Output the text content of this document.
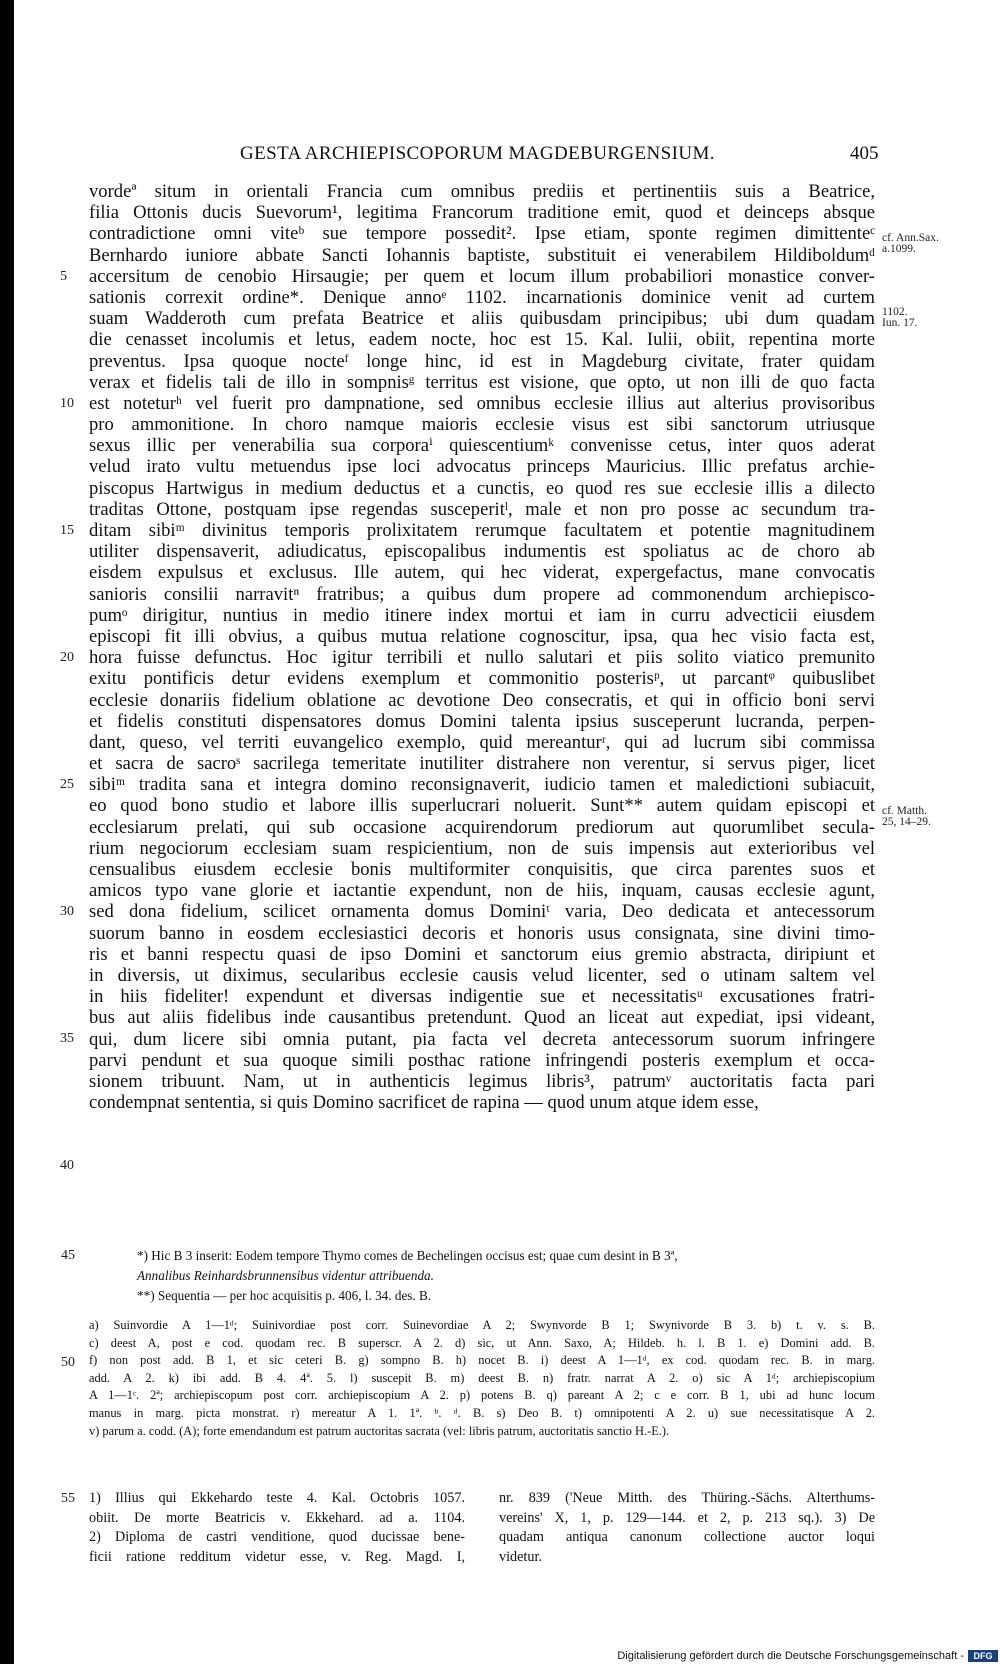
GESTA ARCHIEPISCOPORUM MAGDEBURGENSIUM.	405
vordeª situm in orientali Francia cum omnibus prediis et pertinentiis suis a Beatrice,
filia Ottonis ducis Suevorum¹, legitima Francorum traditione emit, quod et deinceps absque
contradictione omni viteᵇ sue tempore possedit². Ipse etiam, sponte regimen dimittenteᶜ
Bernhardo iuniore abbate Sancti Iohannis baptiste, substituit ei venerabilem Hildiboldumᵈ
accersitum de cenobio Hirsaugie; per quem et locum illum probabiliori monastice conver-
sationis correxit ordine*. Denique annoᵉ 1102. incarnationis dominice venit ad curtem
suam Wadderoth cum prefata Beatrice et aliis quibusdam principibus; ubi dum quadam
die cenasset incolumis et letus, eadem nocte, hoc est 15. Kal. Iulii, obiit, repentina morte
preventus. Ipsa quoque nocteᶠ longe hinc, id est in Magdeburg civitate, frater quidam
verax et fidelis tali de illo in sompnisᵍ territus est visione, que opto, ut non illi de quo facta
est noteturʰ vel fuerit pro dampnatione, sed omnibus ecclesie illius aut alterius provisoribus
pro ammonitione. In choro namque maioris ecclesie visus est sibi sanctorum utriusque
sexus illic per venerabilia sua corporaⁱ quiescentiumᵏ convenisse cetus, inter quos aderat
velud irato vultu metuendus ipse loci advocatus princeps Mauricius. Illic prefatus archie-
piscopus Hartwigus in medium deductus et a cunctis, eo quod res sue ecclesie illis a dilecto
traditas Ottone, postquam ipse regendas susceperitˡ, male et non pro posse ac secundum tra-
ditam sibiᵐ divinitus temporis prolixitatem rerumque facultatem et potentie magnitudinem
utiliter dispensaverit, adiudicatus, episcopalibus indumentis est spoliatus ac de choro ab
eisdem expulsus et exclusus. Ille autem, qui hec viderat, expergefactus, mane convocatis
sanioris consilii narravitⁿ fratribus; a quibus dum propere ad commonendum archiepisco-
pumᵒ dirigitur, nuntius in medio itinere index mortui et iam in curru advecticii eiusdem
episcopi fit illi obvius, a quibus mutua relatione cognoscitur, ipsa, qua hec visio facta est,
hora fuisse defunctus. Hoc igitur terribili et nullo salutari et piis solito viatico premunito
exitu pontificis detur evidens exemplum et commonitio posterisᵖ, ut parcantᵠ quibuslibet
ecclesie donariis fidelium oblatione ac devotione Deo consecratis, et qui in officio boni servi
et fidelis constituti dispensatores domus Domini talenta ipsius susceperunt lucranda, perpen-
dant, queso, vel territi euvangelico exemplo, quid mereanturʳ, qui ad lucrum sibi commissa
et sacra de sacroˢ sacrilega temeritate inutiliter distrahere non verentur, si servus piger, licet
sibiᵐ tradita sana et integra domino reconsignaverit, iudicio tamen et maledictioni subiacuit,
eo quod bono studio et labore illis superlucrari noluerit. Sunt** autem quidam episcopi et
ecclesiarum prelati, qui sub occasione acquirendorum prediorum aut quorumlibet secula-
rium negociorum ecclesiam suam respicientium, non de suis impensis aut exterioribus vel
censualibus eiusdem ecclesie bonis multiformiter conquisitis, que circa parentes suos et
amicos typo vane glorie et iactantie expendunt, non de hiis, inquam, causas ecclesie agunt,
sed dona fidelium, scilicet ornamenta domus Dominiᵗ varia, Deo dedicata et antecessorum
suorum banno in eosdem ecclesiastici decoris et honoris usus consignata, sine divini timo-
ris et banni respectu quasi de ipso Domini et sanctorum eius gremio abstracta, diripiunt et
in diversis, ut diximus, secularibus ecclesie causis velud licenter, sed o utinam saltem vel
in hiis fideliter! expendunt et diversas indigentie sue et necessitatisᵘ excusationes fratri-
bus aut aliis fidelibus inde causantibus pretendunt. Quod an liceat aut expediat, ipsi videant,
qui, dum licere sibi omnia putant, pia facta vel decreta antecessorum suorum infringere
parvi pendunt et sua quoque simili posthac ratione infringendi posteris exemplum et occa-
sionem tribuunt. Nam, ut in authenticis legimus libris³, patrumᵛ auctoritatis facta pari
condempnat sententia, si quis Domino sacrificet de rapina — quod unum atque idem esse,
5
10
15
20
25
30
35
40
cf. Ann.Sax.
a.1099.
1102.
Iun. 17.
cf. Matth.
25, 14–29.
45	*) Hic B 3 inserit: Eodem tempore Thymo comes de Bechelingen occisus est; quae cum desint in B 3ª,
Annalibus Reinhardsbrunnensibus videntur attribuenda.
**) Sequentia — per hoc acquisitis p. 406, l. 34. des. B.
50
a) Suinvordie A 1—1ᵈ; Suinivordiae post corr. Suinevordiae A 2; Swynvorde B 1; Swynivorde B 3. b) t. v. s. B.
c) deest A, post e cod. quodam rec. B superscr. A 2. d) sic, ut Ann. Saxo, A; Hildeb. h. l. B 1. e) Domini add. B.
f) non post add. B 1, et sic ceteri B. g) sompno B. h) nocet B. i) deest A 1—1ᵈ, ex cod. quodam rec. B. in marg.
add. A 2. k) ibi add. B 4. 4ª. 5. l) suscepit B. m) deest B. n) fratr. narrat A 2. o) sic A 1ᵈ; archiepiscopium
A 1—1ᶜ. 2ª; archiepiscopum post corr. archiepiscopium A 2. p) potens B. q) pareant A 2; c e corr. B 1, ubi ad hunc locum
manus in marg. picta monstrat. r) mereatur A 1. 1ª. ᵇ. ᵈ. B. s) Deo B. t) omnipotenti A 2. u) sue necessitatisque A 2.
v) parum a. codd. (A); forte emendandum est patrum auctoritas sacrata (vel: libris patrum, auctoritatis sanctio H.-E.).
55 1) Illius qui Ekkehardo teste 4. Kal. Octobris 1057.
obiit. De morte Beatricis v. Ekkehard. ad a. 1104.
2) Diploma de castri venditione, quod ducissae bene-
ficii ratione redditum videtur esse, v. Reg. Magd. I,
nr. 839 ('Neue Mitth. des Thüring.-Sächs. Alterthums-
vereins' X, 1, p. 129—144. et 2, p. 213 sq.). 3) De
quadam antiqua canonum collectione auctor loqui
videtur.
Digitalisierung gefördert durch die Deutsche Forschungsgemeinschaft -	DFG
